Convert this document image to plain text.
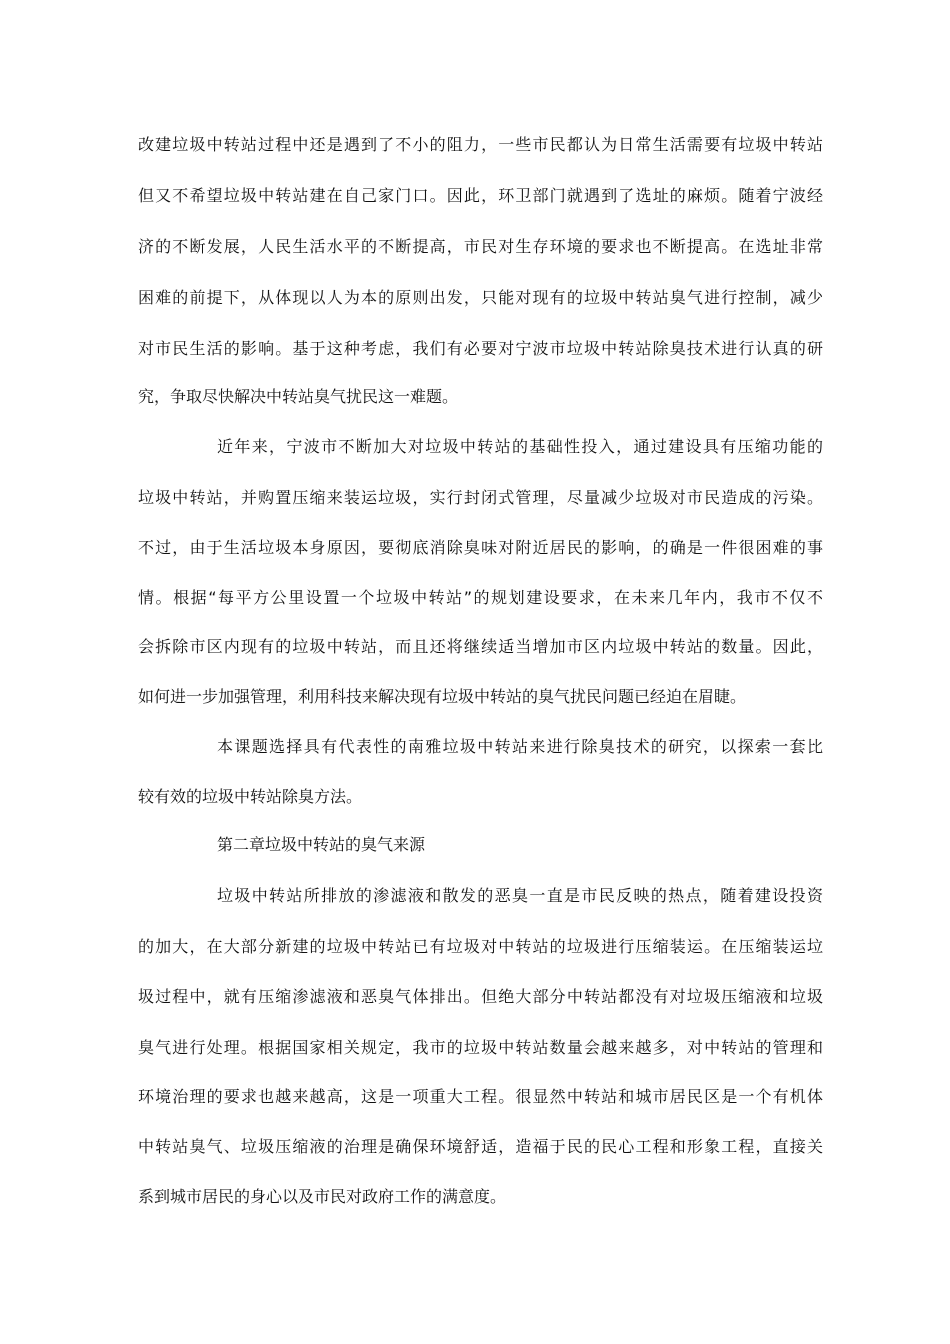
改建垃圾中转站过程中还是遇到了不小的阻力，一些市民都认为日常生活需要有垃圾中转站
但又不希望垃圾中转站建在自己家门口。因此，环卫部门就遇到了选址的麻烦。随着宁波经
济的不断发展，人民生活水平的不断提高，市民对生存环境的要求也不断提高。在选址非常
困难的前提下，从体现以人为本的原则出发，只能对现有的垃圾中转站臭气进行控制，减少
对市民生活的影响。基于这种考虑，我们有必要对宁波市垃圾中转站除臭技术进行认真的研
究，争取尽快解决中转站臭气扰民这一难题。
近年来，宁波市不断加大对垃圾中转站的基础性投入，通过建设具有压缩功能的
垃圾中转站，并购置压缩来装运垃圾，实行封闭式管理，尽量减少垃圾对市民造成的污染。
不过，由于生活垃圾本身原因，要彻底消除臭味对附近居民的影响，的确是一件很困难的事
情。根据“每平方公里设置一个垃圾中转站”的规划建设要求，在未来几年内，我市不仅不
会拆除市区内现有的垃圾中转站，而且还将继续适当增加市区内垃圾中转站的数量。因此，
如何进一步加强管理，利用科技来解决现有垃圾中转站的臭气扰民问题已经迫在眉睫。
本课题选择具有代表性的南雅垃圾中转站来进行除臭技术的研究，以探索一套比
较有效的垃圾中转站除臭方法。
第二章垃圾中转站的臭气来源
垃圾中转站所排放的渗滤液和散发的恶臭一直是市民反映的热点，随着建设投资
的加大，在大部分新建的垃圾中转站已有垃圾对中转站的垃圾进行压缩装运。在压缩装运垃
圾过程中，就有压缩渗滤液和恶臭气体排出。但绝大部分中转站都没有对垃圾压缩液和垃圾
臭气进行处理。根据国家相关规定，我市的垃圾中转站数量会越来越多，对中转站的管理和
环境治理的要求也越来越高，这是一项重大工程。很显然中转站和城市居民区是一个有机体
中转站臭气、垃圾压缩液的治理是确保环境舒适，造福于民的民心工程和形象工程，直接关
系到城市居民的身心以及市民对政府工作的满意度。
